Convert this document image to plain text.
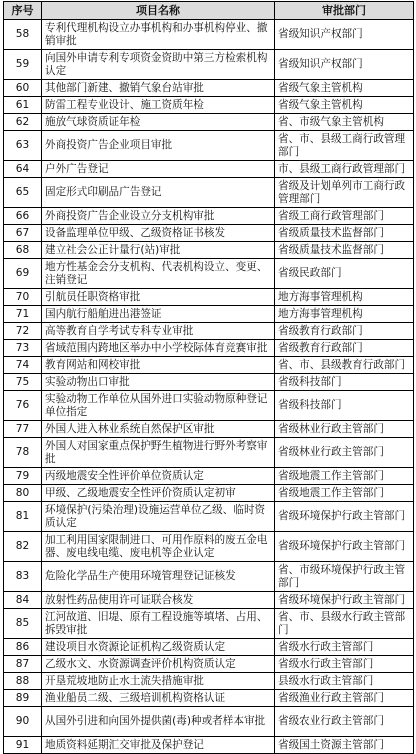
序号	项目名称	审批部门
58	专利代理机构设立办事机构和办事机构停业、撤销审批	省级知识产权部门
59	向国外申请专利专项资金资助中第三方检索机构认定	省级知识产权部门
60	其他部门新建、撤销气象台站审批	省级气象主管机构
61	防雷工程专业设计、施工资质年检	省级气象主管机构
62	施放气球资质证年检	省、市级气象主管机构
63	外商投资广告企业项目审批	省、市、县级工商行政管理部门
64	户外广告登记	市、县级工商行政管理部门
65	固定形式印刷品广告登记	省级及计划单列市工商行政管理部门
66	外商投资广告企业设立分支机构审批	省级工商行政管理部门
67	设备监理单位甲级、乙级资格证书核发	省级质量技术监督部门
68	建立社会公正计量行(站)审批	省级质量技术监督部门
69	地方性基金会分支机构、代表机构设立、变更、注销登记	省级民政部门
70	引航员任职资格审批	地方海事管理机构
71	国内航行船舶进出港签证	地方海事管理机构
72	高等教育自学考试专科专业审批	省级教育行政部门
73	省域范围内跨地区举办中小学校际体育竞赛审批	省级教育行政部门
74	教育网站和网校审批	省、市、县级教育行政部门
75	实验动物出口审批	省级科技部门
76	实验动物工作单位从国外进口实验动物原种登记单位指定	省级科技部门
77	外国人进入林业系统自然保护区审批	省级林业行政主管部门
78	外国人对国家重点保护野生植物进行野外考察审批	省级林业行政主管部门
79	丙级地震安全性评价单位资质认定	省级地震工作主管部门
80	甲级、乙级地震安全性评价资质认定初审	省级地震工作主管部门
81	环境保护(污染治理)设施运营单位乙级、临时资质认定	省级环境保护行政主管部门
82	加工利用国家限制进口、可用作原料的废五金电器、废电线电缆、废电机等企业认定	省级环境保护行政主管部门
83	危险化学品生产使用环境管理登记证核发	省、市级环境保护行政主管部门
84	放射性药品使用许可证联合核发	省级环境保护行政主管部门
85	江河故道、旧堤、原有工程设施等填堵、占用、拆毁审批	省、市、县级水行政主管部门
86	建设项目水资源论证机构乙级资质认定	省级水行政主管部门
87	乙级水文、水资源调查评价机构资质认定	省级水行政主管部门
88	开垦荒坡地防止水土流失措施审批	县级水行政主管部门
89	渔业船员二级、三级培训机构资格认证	省级渔业行政主管部门
90	从国外引进和向国外提供菌(毒)种或者样本审批	省级农业行政主管部门
91	地质资料延期汇交审批及保护登记	省级国土资源主管部门
